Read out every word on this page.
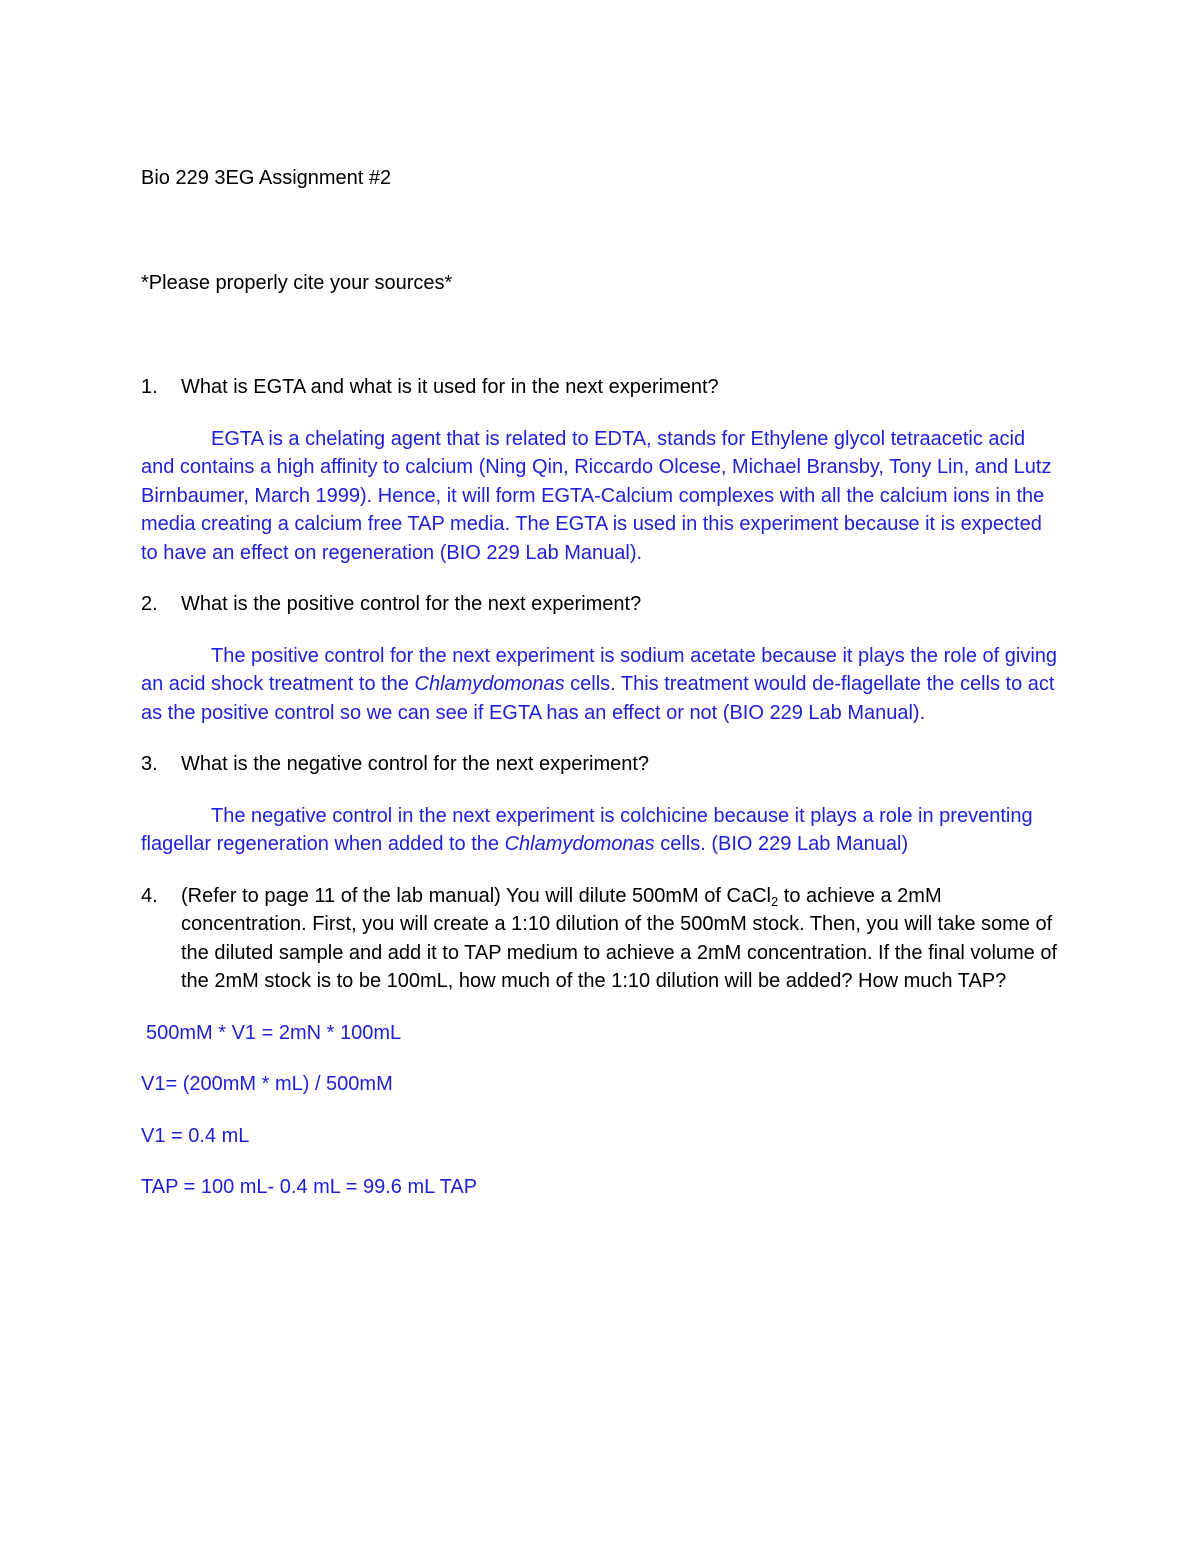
Bio 229 3EG Assignment #2

*Please properly cite your sources*

1.	What is EGTA and what is it used for in the next experiment?

EGTA is a chelating agent that is related to EDTA, stands for Ethylene glycol tetraacetic acid and contains a high affinity to calcium (Ning Qin, Riccardo Olcese, Michael Bransby, Tony Lin, and Lutz Birnbaumer, March 1999). Hence, it will form EGTA-Calcium complexes with all the calcium ions in the media creating a calcium free TAP media. The EGTA is used in this experiment because it is expected to have an effect on regeneration (BIO 229 Lab Manual).

2.	What is the positive control for the next experiment?

The positive control for the next experiment is sodium acetate because it plays the role of giving an acid shock treatment to the Chlamydomonas cells. This treatment would de-flagellate the cells to act as the positive control so we can see if EGTA has an effect or not (BIO 229 Lab Manual).

3.	What is the negative control for the next experiment?

The negative control in the next experiment is colchicine because it plays a role in preventing flagellar regeneration when added to the Chlamydomonas cells. (BIO 229 Lab Manual)

4.	(Refer to page 11 of the lab manual) You will dilute 500mM of CaCl$_2$ to achieve a 2mM concentration. First, you will create a 1:10 dilution of the 500mM stock. Then, you will take some of the diluted sample and add it to TAP medium to achieve a 2mM concentration. If the final volume of the 2mM stock is to be 100mL, how much of the 1:10 dilution will be added? How much TAP?

500mM * V1 = 2mN * 100mL

V1= (200mM * mL) / 500mM

V1 = 0.4 mL

TAP = 100 mL- 0.4 mL = 99.6 mL TAP
